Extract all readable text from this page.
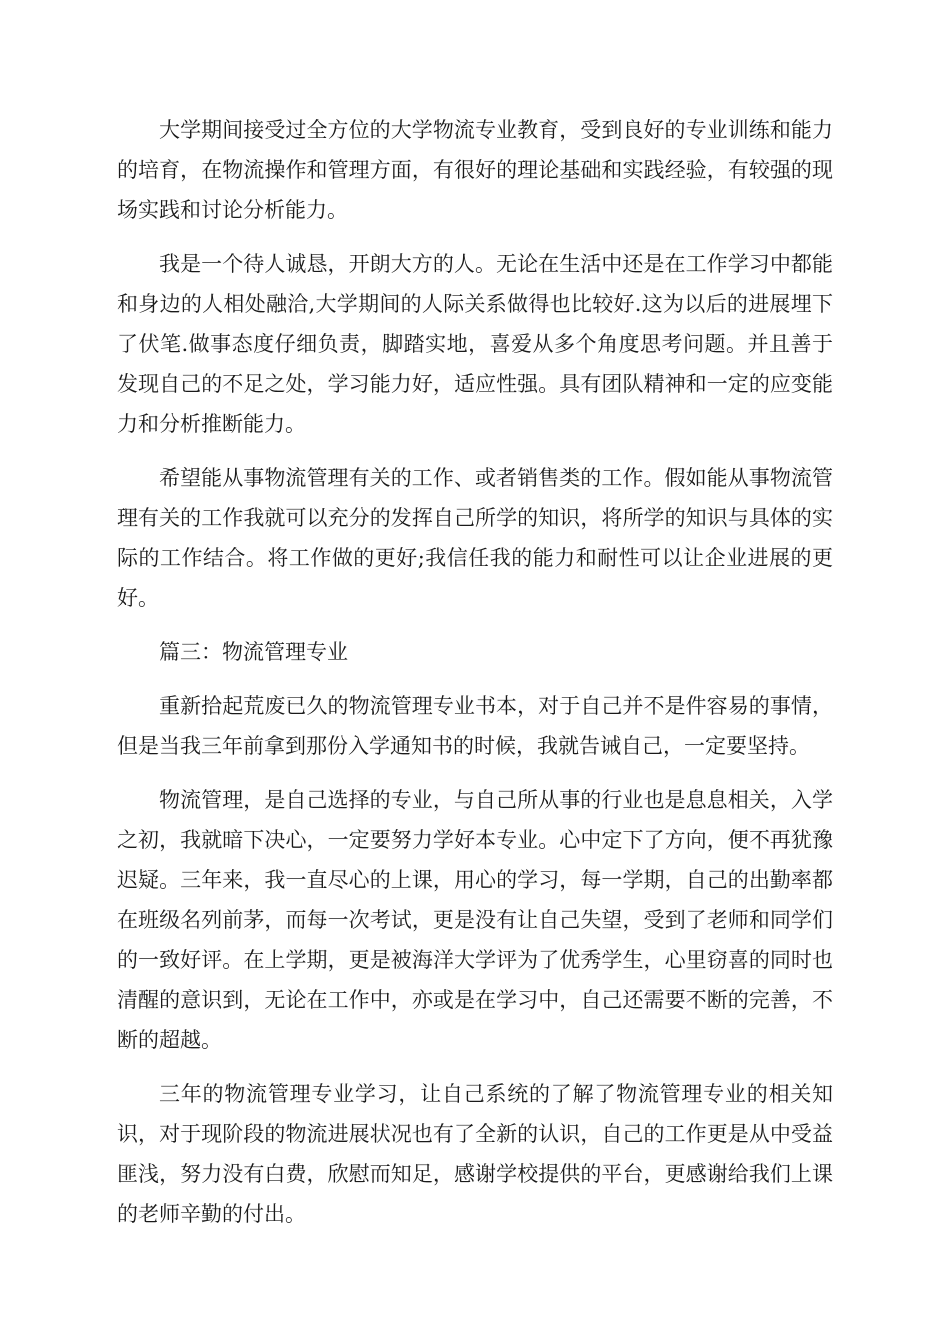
大学期间接受过全方位的大学物流专业教育，受到良好的专业训练和能力的培育，在物流操作和管理方面，有很好的理论基础和实践经验，有较强的现场实践和讨论分析能力。

我是一个待人诚恳，开朗大方的人。无论在生活中还是在工作学习中都能和身边的人相处融洽,大学期间的人际关系做得也比较好.这为以后的进展埋下了伏笔.做事态度仔细负责，脚踏实地，喜爱从多个角度思考问题。并且善于发现自己的不足之处，学习能力好，适应性强。具有团队精神和一定的应变能力和分析推断能力。

希望能从事物流管理有关的工作、或者销售类的工作。假如能从事物流管理有关的工作我就可以充分的发挥自己所学的知识，将所学的知识与具体的实际的工作结合。将工作做的更好;我信任我的能力和耐性可以让企业进展的更好。

篇三：物流管理专业

重新拾起荒废已久的物流管理专业书本，对于自己并不是件容易的事情，但是当我三年前拿到那份入学通知书的时候，我就告诫自己，一定要坚持。

物流管理，是自己选择的专业，与自己所从事的行业也是息息相关，入学之初，我就暗下决心，一定要努力学好本专业。心中定下了方向，便不再犹豫迟疑。三年来，我一直尽心的上课，用心的学习，每一学期，自己的出勤率都在班级名列前茅，而每一次考试，更是没有让自己失望，受到了老师和同学们的一致好评。在上学期，更是被海洋大学评为了优秀学生，心里窃喜的同时也清醒的意识到，无论在工作中，亦或是在学习中，自己还需要不断的完善，不断的超越。

三年的物流管理专业学习，让自己系统的了解了物流管理专业的相关知识，对于现阶段的物流进展状况也有了全新的认识，自己的工作更是从中受益匪浅，努力没有白费，欣慰而知足，感谢学校提供的平台，更感谢给我们上课的老师辛勤的付出。
